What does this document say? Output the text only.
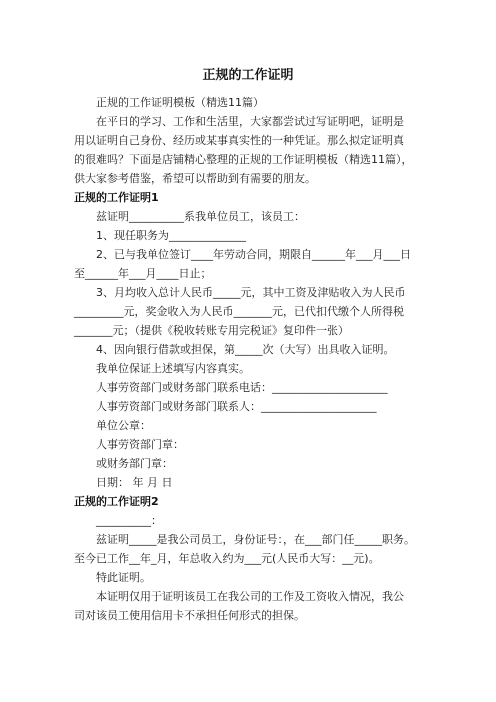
正规的工作证明
　　正规的工作证明模板（精选11篇）
　　在平日的学习、工作和生活里，大家都尝试过写证明吧，证明是
用以证明自己身份、经历或某事真实性的一种凭证。那么拟定证明真
的很难吗？下面是店铺精心整理的正规的工作证明模板（精选11篇），
供大家参考借鉴，希望可以帮助到有需要的朋友。
正规的工作证明1
　　兹证明__________系我单位员工，该员工：
　　1、现任职务为______________
　　2、已与我单位签订____年劳动合同，期限自______年___月___日
至______年___月____日止；
　　3、月均收入总计人民币_____元，其中工资及津贴收入为人民币
_________元，奖金收入为人民币_______元，已代扣代缴个人所得税
_______元；（提供《税收转账专用完税证》复印件一张）
　　4、因向银行借款或担保，第_____次（大写）出具收入证明。
　　我单位保证上述填写内容真实。
　　人事劳资部门或财务部门联系电话：_____________________
　　人事劳资部门或财务部门联系人：_____________________
　　单位公章：
　　人事劳资部门章：
　　或财务部门章：
　　日期： 年 月 日
正规的工作证明2
　　__________：
　　兹证明_____是我公司员工，身份证号：，在___部门任_____职务。
至今已工作__年_月，年总收入约为___元(人民币大写：__元)。
　　特此证明。
　　本证明仅用于证明该员工在我公司的工作及工资收入情况，我公
司对该员工使用信用卡不承担任何形式的担保。
